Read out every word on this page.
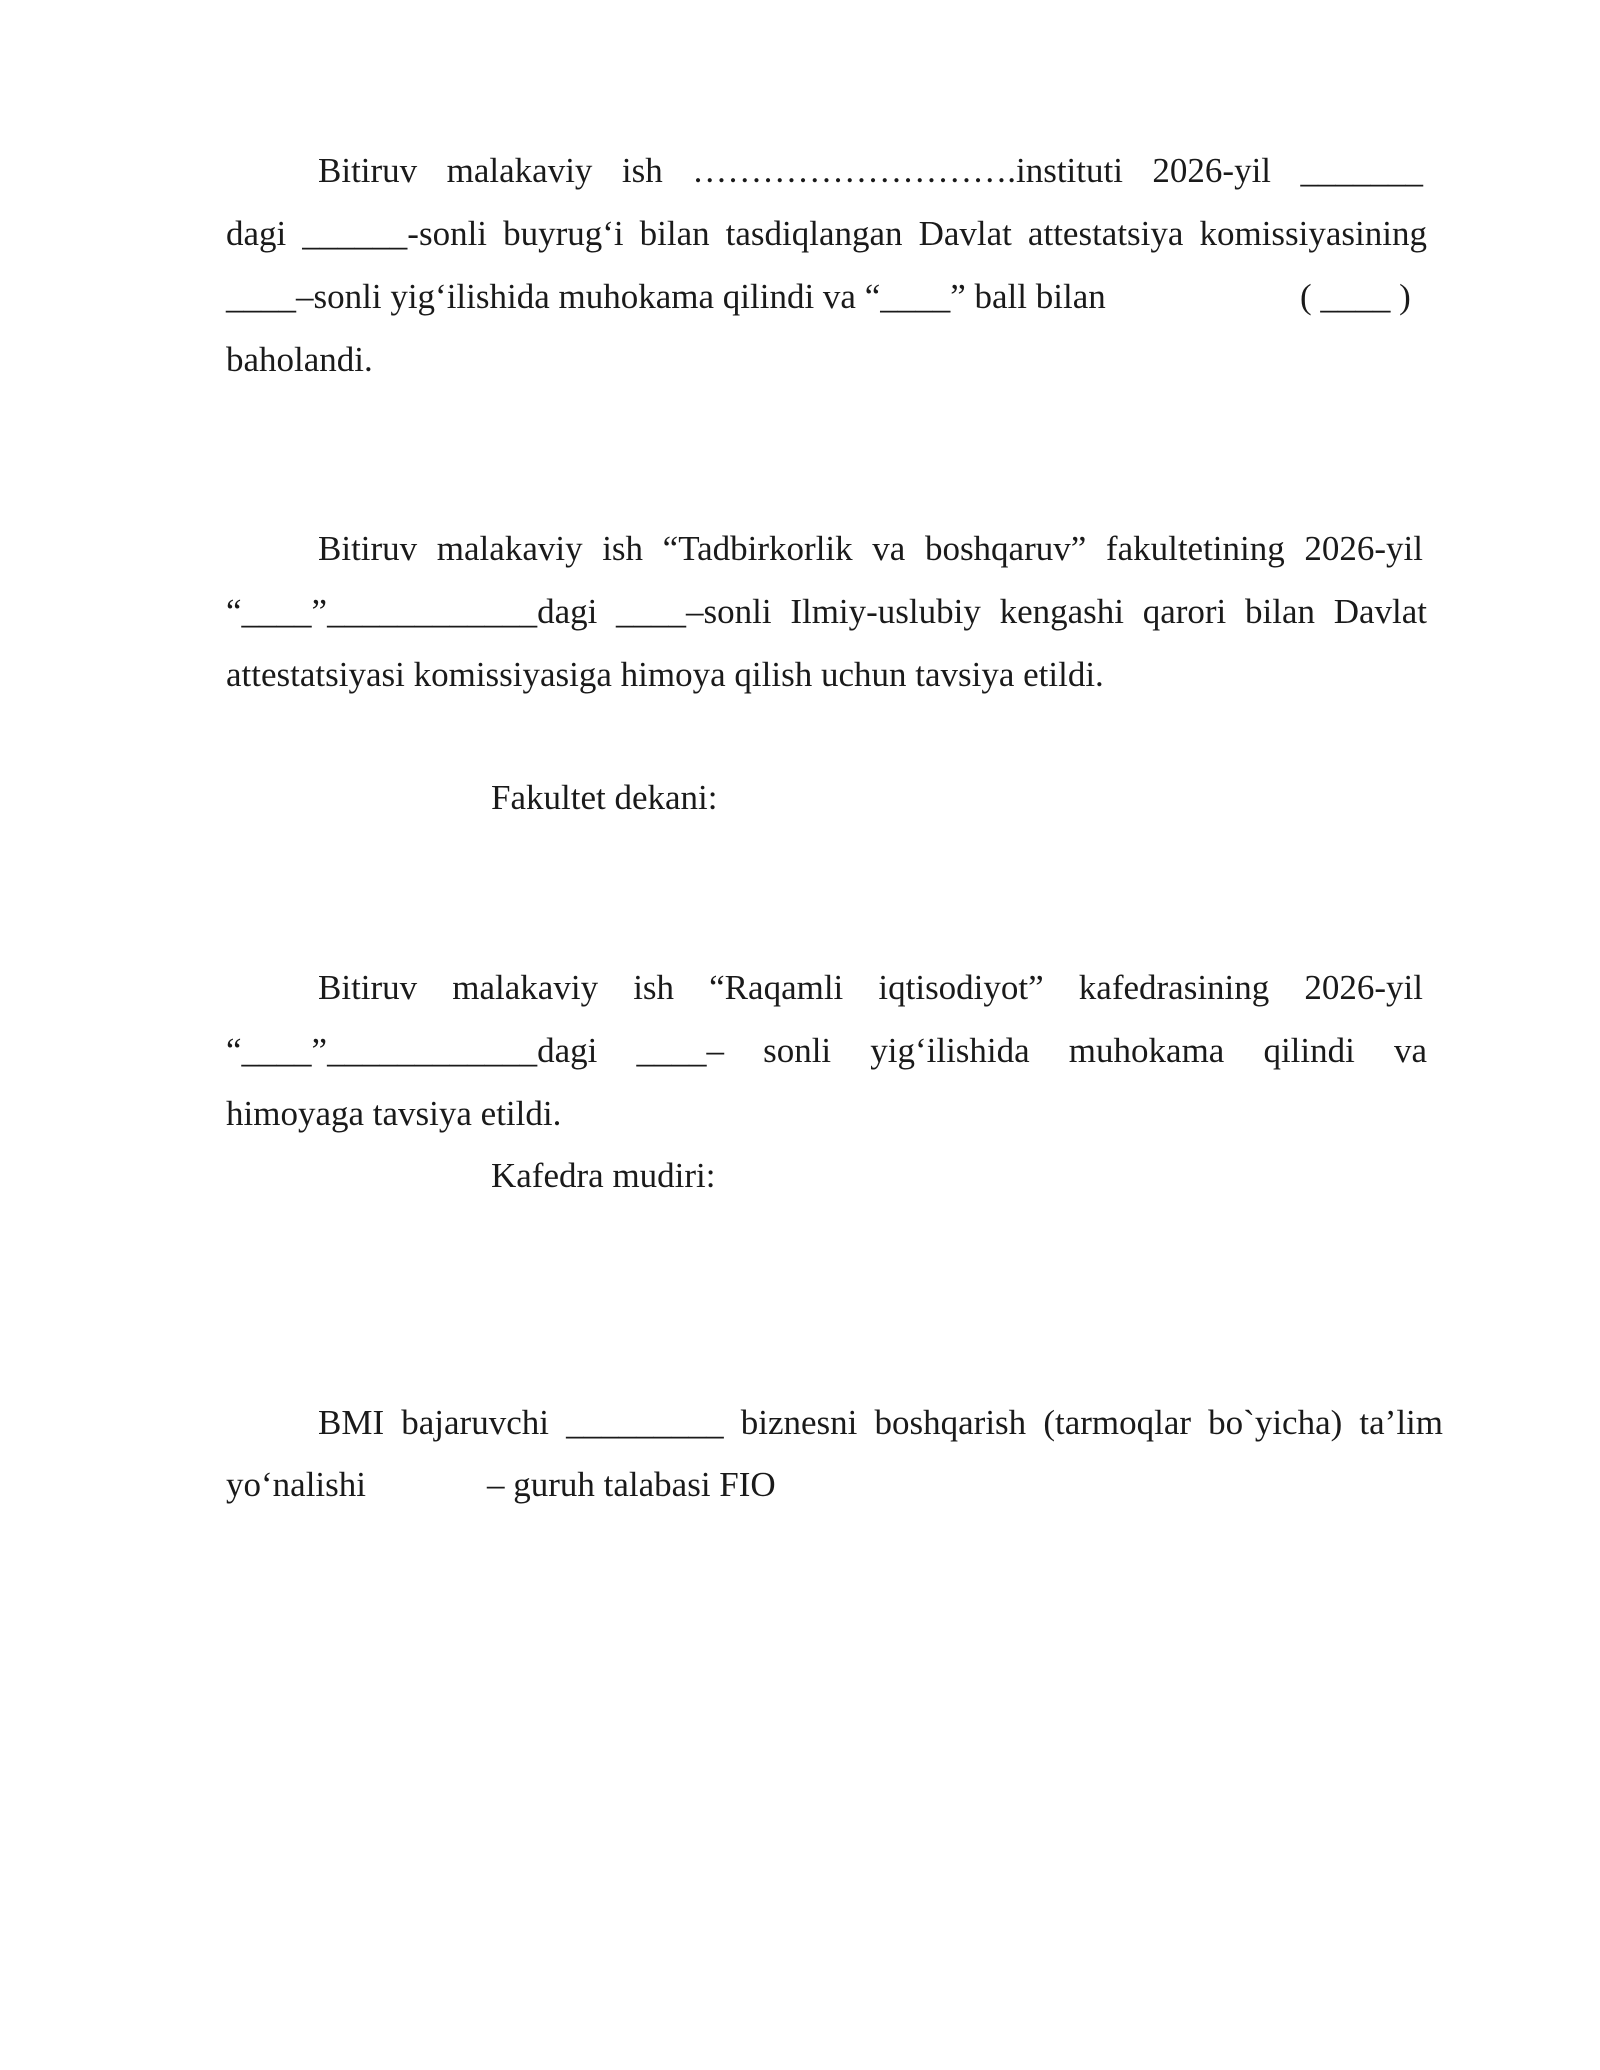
Bitiruv malakaviy ish ……………………….instituti 2026-yil _______
dagi ______-sonli buyrug‘i bilan tasdiqlangan Davlat attestatsiya komissiyasining
____–sonli yig‘ilishida muhokama qilindi va “____” ball bilan	( ____ )
baholandi.
Bitiruv malakaviy ish “Tadbirkorlik va boshqaruv” fakultetining 2026-yil
“____”____________dagi ____–sonli Ilmiy-uslubiy kengashi qarori bilan Davlat
attestatsiyasi komissiyasiga himoya qilish uchun tavsiya etildi.
Fakultet dekani:
Bitiruv malakaviy ish “Raqamli iqtisodiyot” kafedrasining 2026-yil
“____”____________dagi ____– sonli yig‘ilishida muhokama qilindi va
himoyaga tavsiya etildi.
Kafedra mudiri:
BMI bajaruvchi _________ biznesni boshqarish (tarmoqlar bo`yicha) ta’lim
yo‘nalishi	– guruh talabasi FIO
